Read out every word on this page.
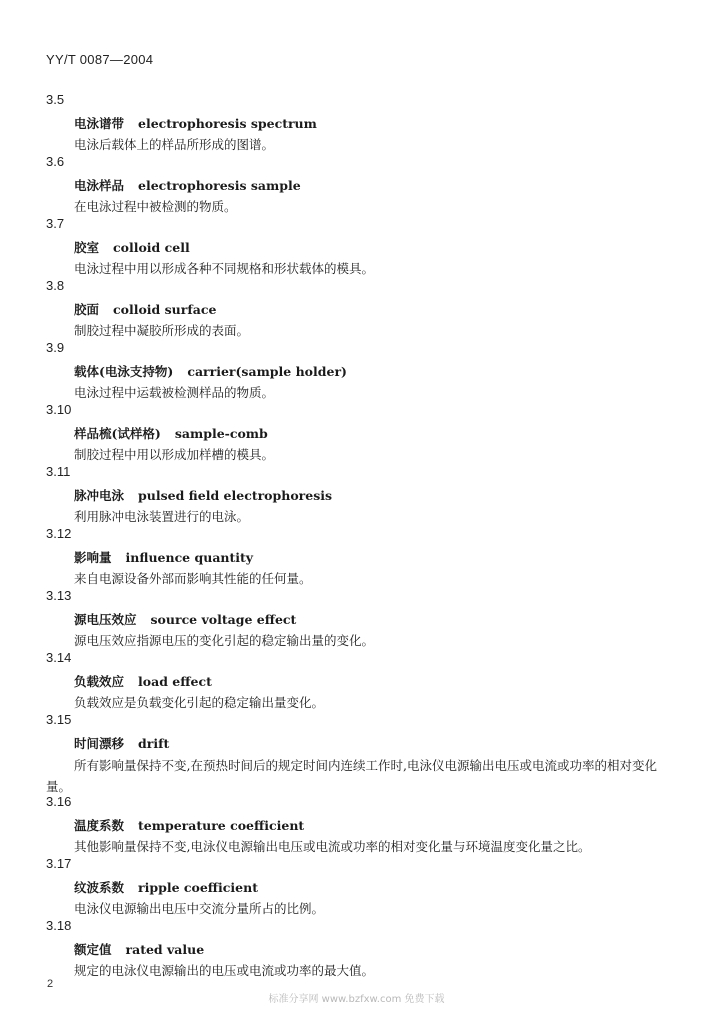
YY/T 0087—2004
3.5
电泳谱带 electrophoresis spectrum
电泳后载体上的样品所形成的图谱。
3.6
电泳样品 electrophoresis sample
在电泳过程中被检测的物质。
3.7
胶室 colloid cell
电泳过程中用以形成各种不同规格和形状载体的模具。
3.8
胶面 colloid surface
制胶过程中凝胶所形成的表面。
3.9
载体(电泳支持物) carrier(sample holder)
电泳过程中运载被检测样品的物质。
3.10
样品梳(试样格) sample-comb
制胶过程中用以形成加样槽的模具。
3.11
脉冲电泳 pulsed field electrophoresis
利用脉冲电泳装置进行的电泳。
3.12
影响量 influence quantity
来自电源设备外部而影响其性能的任何量。
3.13
源电压效应 source voltage effect
源电压效应指源电压的变化引起的稳定输出量的变化。
3.14
负载效应 load effect
负载效应是负载变化引起的稳定输出量变化。
3.15
时间漂移 drift
所有影响量保持不变,在预热时间后的规定时间内连续工作时,电泳仪电源输出电压或电流或功率的相对变化量。
3.16
温度系数 temperature coefficient
其他影响量保持不变,电泳仪电源输出电压或电流或功率的相对变化量与环境温度变化量之比。
3.17
纹波系数 ripple coefficient
电泳仪电源输出电压中交流分量所占的比例。
3.18
额定值 rated value
规定的电泳仪电源输出的电压或电流或功率的最大值。
2
标准分享网 www.bzfxw.com 免费下载
